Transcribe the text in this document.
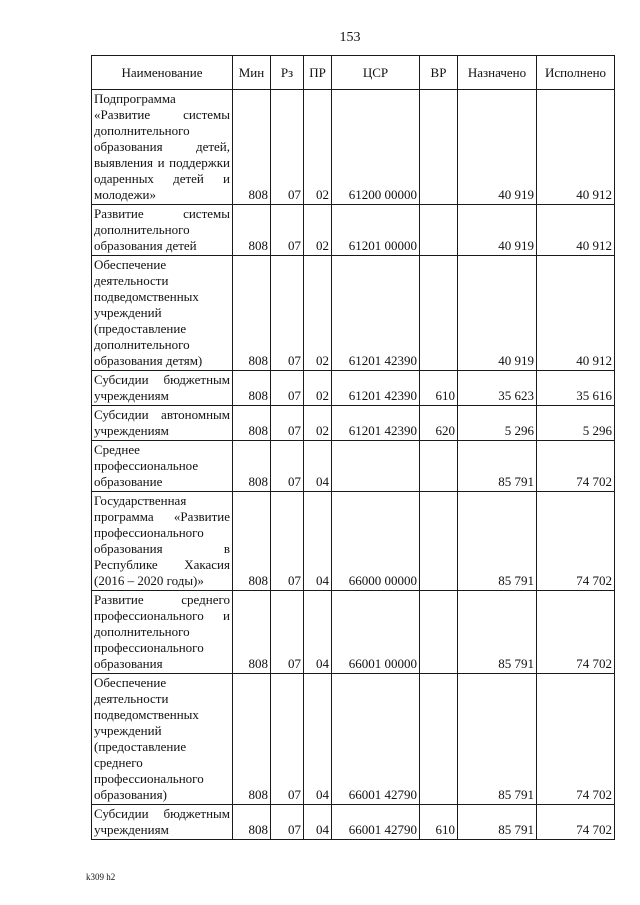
153
Наименование	Мин	Рз	ПР	ЦСР	ВР	Назначено	Исполнено
Подпрограмма «Развитие системы дополнительного образования детей, выявления и поддержки одаренных детей и молодежи»	808	07	02	61200 00000		40 919	40 912
Развитие системы дополнительного образования детей	808	07	02	61201 00000		40 919	40 912
Обеспечение деятельности подведомственных учреждений (предоставление дополнительного образования детям)	808	07	02	61201 42390		40 919	40 912
Субсидии бюджетным учреждениям	808	07	02	61201 42390	610	35 623	35 616
Субсидии автономным учреждениям	808	07	02	61201 42390	620	5 296	5 296
Среднее профессиональное образование	808	07	04			85 791	74 702
Государственная программа «Развитие профессионального образования в Республике Хакасия (2016 – 2020 годы)»	808	07	04	66000 00000		85 791	74 702
Развитие среднего профессионального и дополнительного профессионального образования	808	07	04	66001 00000		85 791	74 702
Обеспечение деятельности подведомственных учреждений (предоставление среднего профессионального образования)	808	07	04	66001 42790		85 791	74 702
Субсидии бюджетным учреждениям	808	07	04	66001 42790	610	85 791	74 702
k309 h2
